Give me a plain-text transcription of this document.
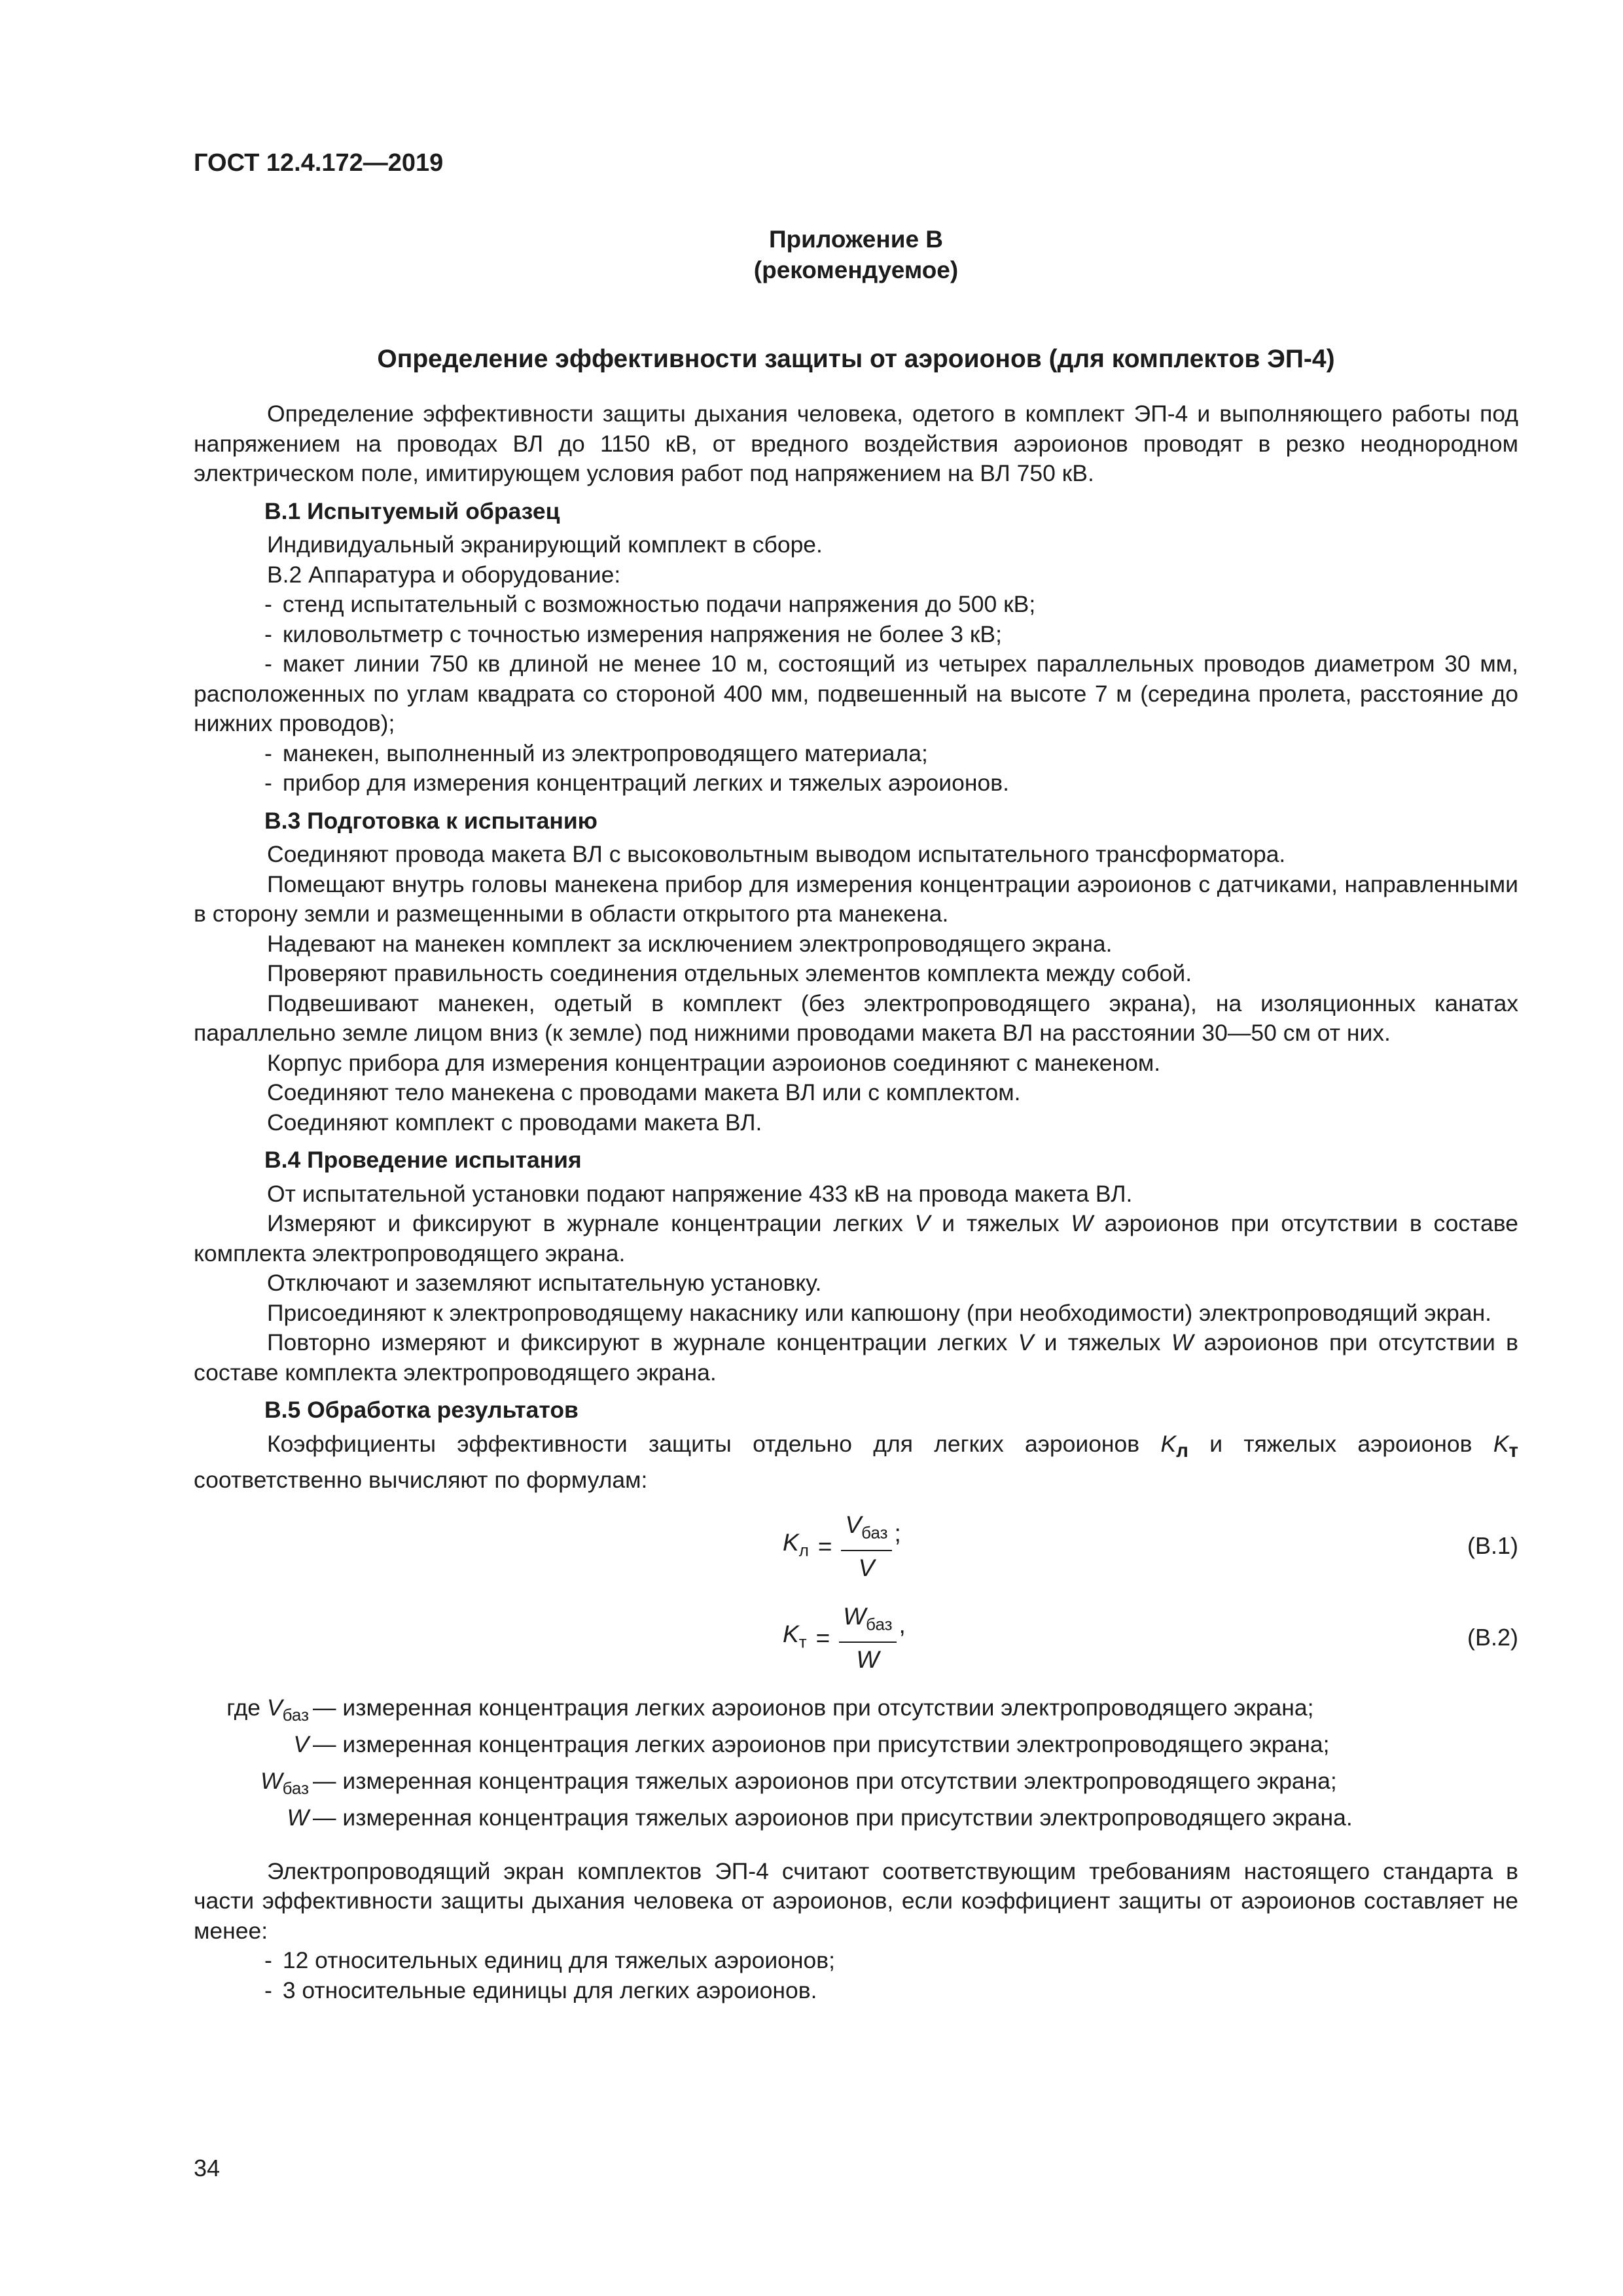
ГОСТ 12.4.172—2019
Приложение В
(рекомендуемое)
Определение эффективности защиты от аэроионов (для комплектов ЭП-4)

Определение эффективности защиты дыхания человека, одетого в комплект ЭП-4 и выполняющего работы под напряжением на проводах ВЛ до 1150 кВ, от вредного воздействия аэроионов проводят в резко неоднородном электрическом поле, имитирующем условия работ под напряжением на ВЛ 750 кВ.

В.1 Испытуемый образец

Индивидуальный экранирующий комплект в сборе.

В.2 Аппаратура и оборудование:

- стенд испытательный с возможностью подачи напряжения до 500 кВ;

- киловольтметр с точностью измерения напряжения не более 3 кВ;

- макет линии 750 кв длиной не менее 10 м, состоящий из четырех параллельных проводов диаметром 30 мм, расположенных по углам квадрата со стороной 400 мм, подвешенный на высоте 7 м (середина пролета, расстояние до нижних проводов);

- манекен, выполненный из электропроводящего материала;

- прибор для измерения концентраций легких и тяжелых аэроионов.

В.3 Подготовка к испытанию

Соединяют провода макета ВЛ с высоковольтным выводом испытательного трансформатора.

Помещают внутрь головы манекена прибор для измерения концентрации аэроионов с датчиками, направленными в сторону земли и размещенными в области открытого рта манекена.

Надевают на манекен комплект за исключением электропроводящего экрана.

Проверяют правильность соединения отдельных элементов комплекта между собой.

Подвешивают манекен, одетый в комплект (без электропроводящего экрана), на изоляционных канатах параллельно земле лицом вниз (к земле) под нижними проводами макета ВЛ на расстоянии 30—50 см от них.

Корпус прибора для измерения концентрации аэроионов соединяют с манекеном.

Соединяют тело манекена с проводами макета ВЛ или с комплектом.

Соединяют комплект с проводами макета ВЛ.

В.4 Проведение испытания

От испытательной установки подают напряжение 433 кВ на провода макета ВЛ.

Измеряют и фиксируют в журнале концентрации легких V и тяжелых W аэроионов при отсутствии в составе комплекта электропроводящего экрана.

Отключают и заземляют испытательную установку.

Присоединяют к электропроводящему накаснику или капюшону (при необходимости) электропроводящий экран.

Повторно измеряют и фиксируют в журнале концентрации легких V и тяжелых W аэроионов при отсутствии в составе комплекта электропроводящего экрана.

В.5 Обработка результатов

Коэффициенты эффективности защиты отдельно для легких аэроионов $K_л$ и тяжелых аэроионов $K_т$ соответственно вычисляют по формулам:

$K_л = \frac{V_{баз}}{V}$ ;	(В.1)
$K_т = \frac{W_{баз}}{W}$ ,	(В.2)
где $V_{баз}$ — измеренная концентрация легких аэроионов при отсутствии электропроводящего экрана;
V — измеренная концентрация легких аэроионов при присутствии электропроводящего экрана;
$W_{баз}$ — измеренная концентрация тяжелых аэроионов при отсутствии электропроводящего экрана;
W — измеренная концентрация тяжелых аэроионов при присутствии электропроводящего экрана.

Электропроводящий экран комплектов ЭП-4 считают соответствующим требованиям настоящего стандарта в части эффективности защиты дыхания человека от аэроионов, если коэффициент защиты от аэроионов составляет не менее:

- 12 относительных единиц для тяжелых аэроионов;

- 3 относительные единицы для легких аэроионов.

34
